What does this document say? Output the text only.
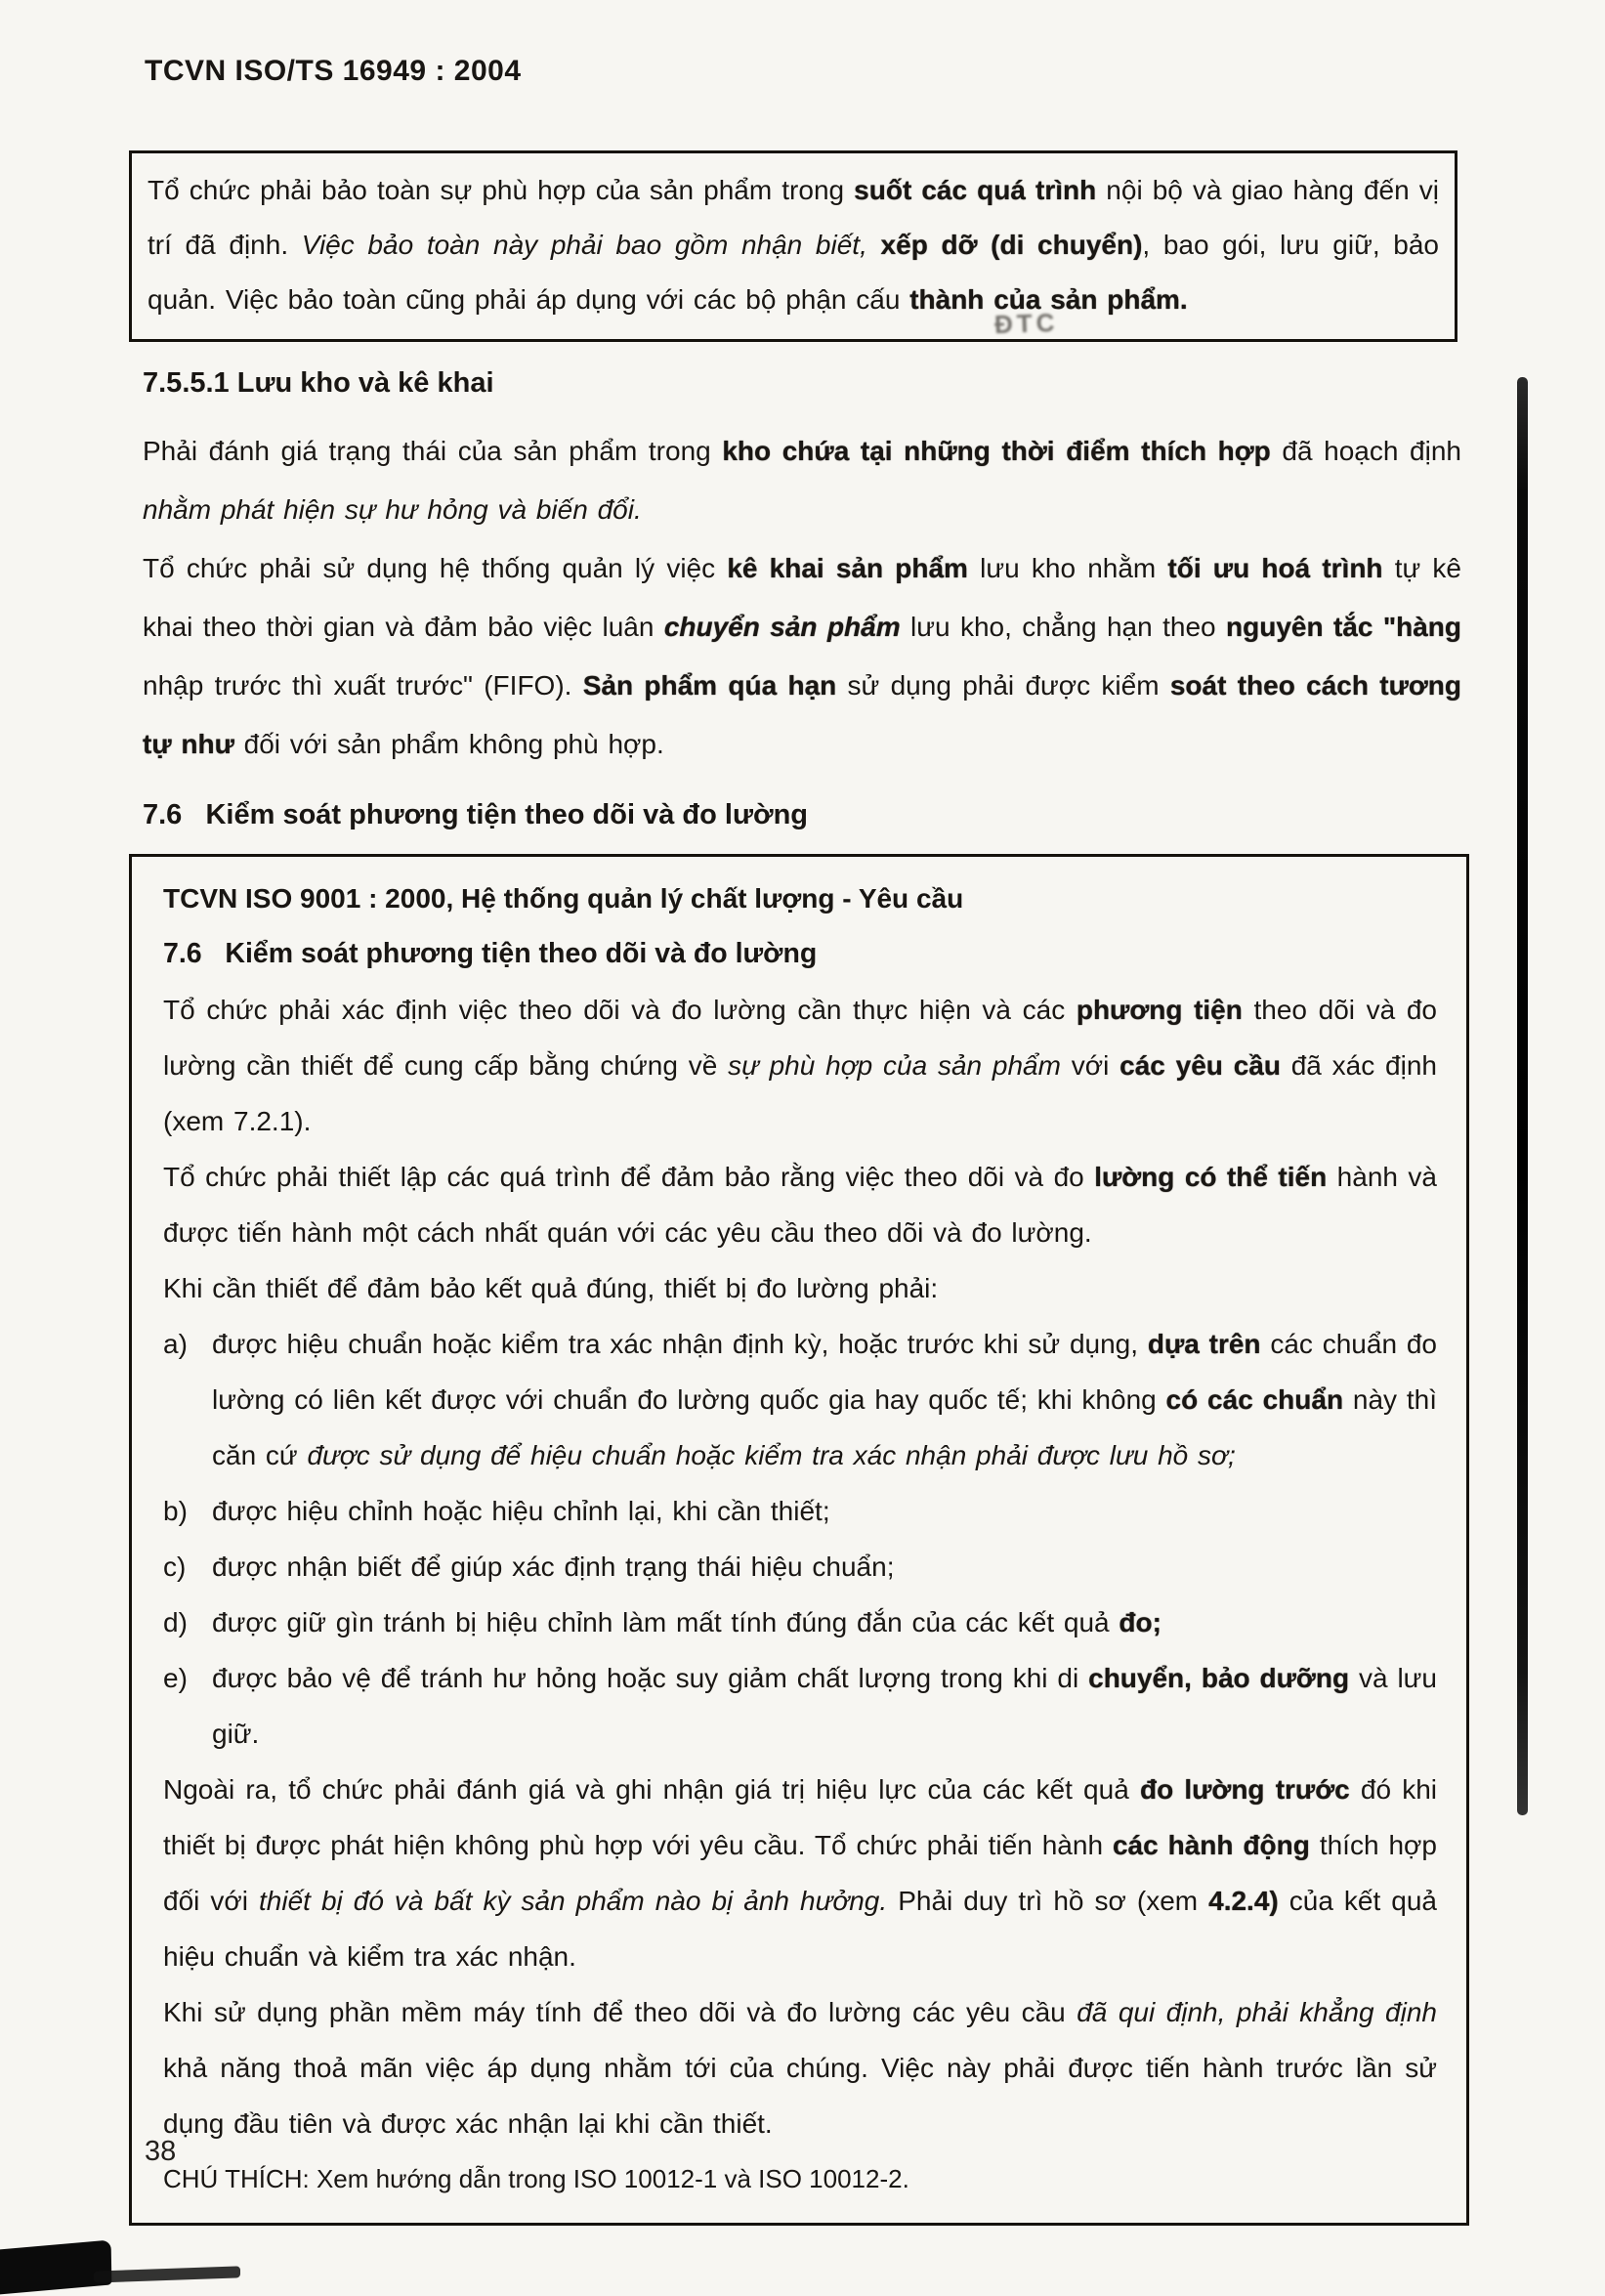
TCVN ISO/TS 16949 : 2004

Tổ chức phải bảo toàn sự phù hợp của sản phẩm trong suốt các quá trình nội bộ và giao hàng đến vị trí đã định. Việc bảo toàn này phải bao gồm nhận biết, xếp dỡ (di chuyển), bao gói, lưu giữ, bảo quản. Việc bảo toàn cũng phải áp dụng với các bộ phận cấu thành của sản phẩm.

7.5.5.1 Lưu kho và kê khai

Phải đánh giá trạng thái của sản phẩm trong kho chứa tại những thời điểm thích hợp đã hoạch định nhằm phát hiện sự hư hỏng và biến đổi.

Tổ chức phải sử dụng hệ thống quản lý việc kê khai sản phẩm lưu kho nhằm tối ưu hoá trình tự kê khai theo thời gian và đảm bảo việc luân chuyển sản phẩm lưu kho, chẳng hạn theo nguyên tắc "hàng nhập trước thì xuất trước" (FIFO). Sản phẩm qúa hạn sử dụng phải được kiểm soát theo cách tương tự như đối với sản phẩm không phù hợp.

7.6   Kiểm soát phương tiện theo dõi và đo lường

TCVN ISO 9001 : 2000, Hệ thống quản lý chất lượng - Yêu cầu

7.6   Kiểm soát phương tiện theo dõi và đo lường

Tổ chức phải xác định việc theo dõi và đo lường cần thực hiện và các phương tiện theo dõi và đo lường cần thiết để cung cấp bằng chứng về sự phù hợp của sản phẩm với các yêu cầu đã xác định (xem 7.2.1).

Tổ chức phải thiết lập các quá trình để đảm bảo rằng việc theo dõi và đo lường có thể tiến hành và được tiến hành một cách nhất quán với các yêu cầu theo dõi và đo lường.

Khi cần thiết để đảm bảo kết quả đúng, thiết bị đo lường phải:

a) được hiệu chuẩn hoặc kiểm tra xác nhận định kỳ, hoặc trước khi sử dụng, dựa trên các chuẩn đo lường có liên kết được với chuẩn đo lường quốc gia hay quốc tế; khi không có các chuẩn này thì căn cứ được sử dụng để hiệu chuẩn hoặc kiểm tra xác nhận phải được lưu hồ sơ;
b) được hiệu chỉnh hoặc hiệu chỉnh lại, khi cần thiết;
c) được nhận biết để giúp xác định trạng thái hiệu chuẩn;
d) được giữ gìn tránh bị hiệu chỉnh làm mất tính đúng đắn của các kết quả đo;
e) được bảo vệ để tránh hư hỏng hoặc suy giảm chất lượng trong khi di chuyển, bảo dưỡng và lưu giữ.

Ngoài ra, tổ chức phải đánh giá và ghi nhận giá trị hiệu lực của các kết quả đo lường trước đó khi thiết bị được phát hiện không phù hợp với yêu cầu. Tổ chức phải tiến hành các hành động thích hợp đối với thiết bị đó và bất kỳ sản phẩm nào bị ảnh hưởng. Phải duy trì hồ sơ (xem 4.2.4) của kết quả hiệu chuẩn và kiểm tra xác nhận.

Khi sử dụng phần mềm máy tính để theo dõi và đo lường các yêu cầu đã qui định, phải khẳng định khả năng thoả mãn việc áp dụng nhằm tới của chúng. Việc này phải được tiến hành trước lần sử dụng đầu tiên và được xác nhận lại khi cần thiết.

CHÚ THÍCH: Xem hướng dẫn trong ISO 10012-1 và ISO 10012-2.

ĐTC
38
